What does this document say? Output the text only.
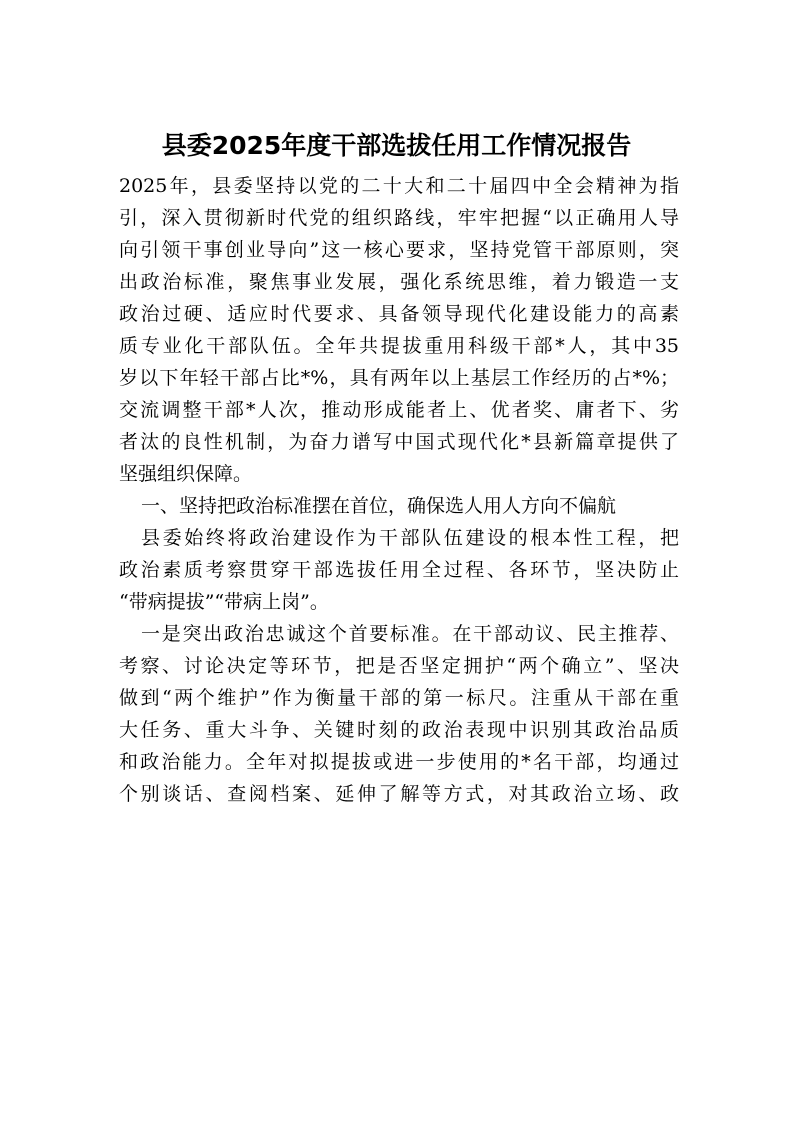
县委2025年度干部选拔任用工作情况报告

2025年，县委坚持以党的二十大和二十届四中全会精神为指

引，深入贯彻新时代党的组织路线，牢牢把握“以正确用人导

向引领干事创业导向”这一核心要求，坚持党管干部原则，突

出政治标准，聚焦事业发展，强化系统思维，着力锻造一支

政治过硬、适应时代要求、具备领导现代化建设能力的高素

质专业化干部队伍。全年共提拔重用科级干部*人，其中35

岁以下年轻干部占比*%，具有两年以上基层工作经历的占*%；

交流调整干部*人次，推动形成能者上、优者奖、庸者下、劣

者汰的良性机制，为奋力谱写中国式现代化*县新篇章提供了

坚强组织保障。

一、坚持把政治标准摆在首位，确保选人用人方向不偏航

县委始终将政治建设作为干部队伍建设的根本性工程，把

政治素质考察贯穿干部选拔任用全过程、各环节，坚决防止

“带病提拔”“带病上岗”。

一是突出政治忠诚这个首要标准。在干部动议、民主推荐、

考察、讨论决定等环节，把是否坚定拥护“两个确立”、坚决

做到“两个维护”作为衡量干部的第一标尺。注重从干部在重

大任务、重大斗争、关键时刻的政治表现中识别其政治品质

和政治能力。全年对拟提拔或进一步使用的*名干部，均通过

个别谈话、查阅档案、延伸了解等方式，对其政治立场、政
